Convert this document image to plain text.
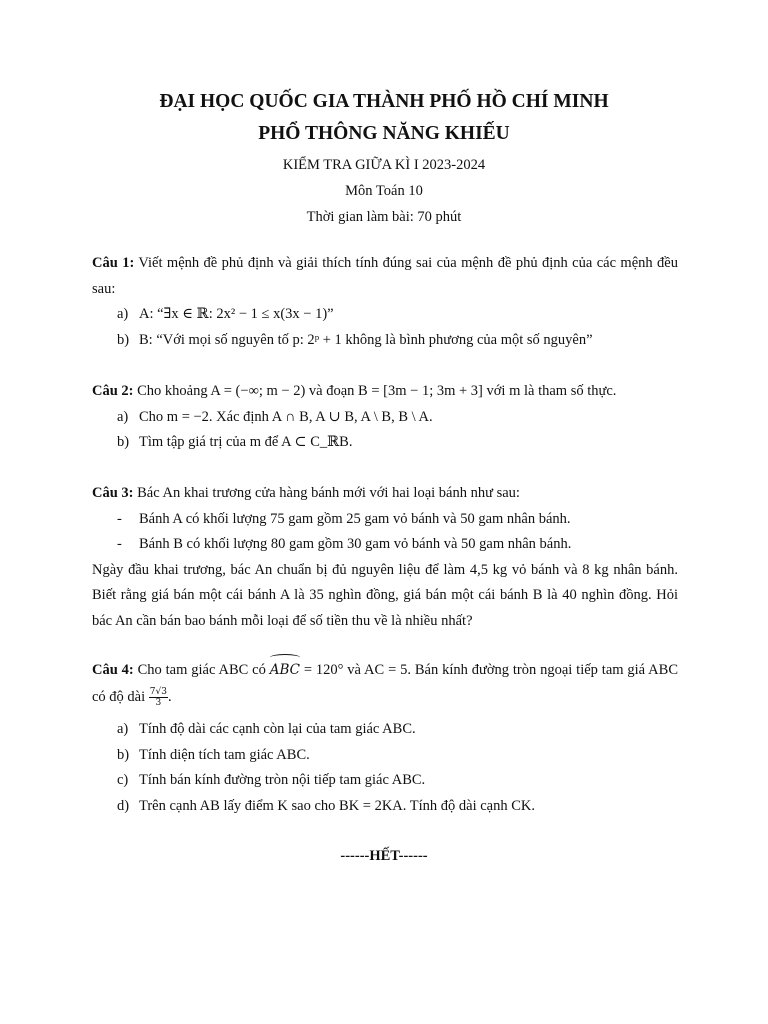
ĐẠI HỌC QUỐC GIA THÀNH PHỐ HỒ CHÍ MINH
PHỔ THÔNG NĂNG KHIẾU
KIỂM TRA GIỮA KÌ I 2023-2024
Môn Toán 10
Thời gian làm bài: 70 phút

Câu 1: Viết mệnh đề phủ định và giải thích tính đúng sai của mệnh đề phủ định của các mệnh đều sau:

a) A: “∃x ∈ ℝ: 2x² − 1 ≤ x(3x − 1)”
b) B: “Với mọi số nguyên tố p: 2ᵖ + 1 không là bình phương của một số nguyên”

Câu 2: Cho khoảng A = (−∞; m − 2) và đoạn B = [3m − 1; 3m + 3] với m là tham số thực.

a) Cho m = −2. Xác định A ∩ B, A ∪ B, A \ B, B \ A.
b) Tìm tập giá trị của m để A ⊂ C_ℝB.

Câu 3: Bác An khai trương cửa hàng bánh mới với hai loại bánh như sau:

-	Bánh A có khối lượng 75 gam gồm 25 gam vỏ bánh và 50 gam nhân bánh.
-	Bánh B có khối lượng 80 gam gồm 30 gam vỏ bánh và 50 gam nhân bánh.

Ngày đầu khai trương, bác An chuẩn bị đủ nguyên liệu để làm 4,5 kg vỏ bánh và 8 kg nhân bánh. Biết rằng giá bán một cái bánh A là 35 nghìn đồng, giá bán một cái bánh B là 40 nghìn đồng. Hỏi bác An cần bán bao bánh mỗi loại để số tiền thu về là nhiều nhất?

Câu 4: Cho tam giác ABC có ABC = 120° và AC = 5. Bán kính đường tròn ngoại tiếp tam giá ABC có độ dài $\frac{7√3}{3}$ .

a) Tính độ dài các cạnh còn lại của tam giác ABC.
b) Tính diện tích tam giác ABC.
c) Tính bán kính đường tròn nội tiếp tam giác ABC.
d) Trên cạnh AB lấy điểm K sao cho BK = 2KA. Tính độ dài cạnh CK.
------HẾT------
